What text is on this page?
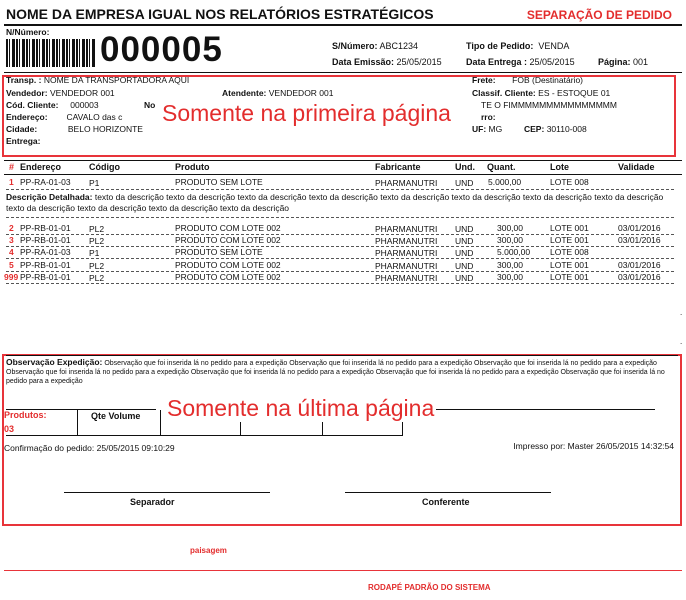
NOME DA EMPRESA IGUAL NOS RELATÓRIOS ESTRATÉGICOS	SEPARAÇÃO DE PEDIDO
N/Número: 000005	S/Número: ABC1234	Tipo de Pedido: VENDA
Data Emissão: 25/05/2015	Data Entrega : 25/05/2015	Página: 001
Transp. : NOME DA TRANSPORTADORA AQUI	Frete: FOB (Destinatário)
Vendedor: VENDEDOR 001	Atendente: VENDEDOR 001	Classif. Cliente: ES - ESTOQUE 01
Cód. Cliente: 000003	No	TE O FIMMMMMMMMMMMMMMM
Endereço: CAVALO das c	rro:
Cidade:	BELO HORIZONTE	UF: MG	CEP: 30110-008
Entrega:
Somente na primeira página
# Endereço	Código	Produto	Fabricante	Und. Quant.	Lote	Validade
1 PP-RA-01-03 P1	PRODUTO SEM LOTE	PHARMANUTRI UND 5.000,00	LOTE 008
Descrição Detalhada: texto da descrição texto da descrição texto da descrição texto da descrição texto da descrição texto da descrição texto da descrição texto da descrição texto da descrição texto da descrição texto da descrição texto da descrição
2 PP-RB-01-01 PL2	PRODUTO COM LOTE 002	PHARMANUTRI UND	300,00	LOTE 001	03/01/2016
3 PP-RB-01-01 PL2	PRODUTO COM LOTE 002	PHARMANUTRI UND	300,00	LOTE 001	03/01/2016
4 PP-RA-01-03 P1	PRODUTO SEM LOTE	PHARMANUTRI UND	5.000,00 LOTE 008
5 PP-RB-01-01 PL2	PRODUTO COM LOTE 002	PHARMANUTRI UND	300,00	LOTE 001	03/01/2016
999 PP-RB-01-01 PL2	PRODUTO COM LOTE 002	PHARMANUTRI UND	300,00	LOTE 001	03/01/2016
.
.
Observação Expedição: Observação que foi inserida lá no pedido para a expedição Observação que foi inserida lá no pedido para a expedição Observação que foi inserida lá no pedido para a expedição Observação que foi inserida lá no pedido para a expedição Observação que foi inserida lá no pedido para a expedição Observação que foi inserida lá no pedido para a expedição Observação que foi inserida lá no pedido para a expedição
Produtos:
03
Qte Volume Somente na última página
Confirmação do pedido: 25/05/2015 09:10:29	Impresso por: Master 26/05/2015 14:32:54
Separador	Conferente
paisagem
RODAPÉ PADRÃO DO SISTEMA
